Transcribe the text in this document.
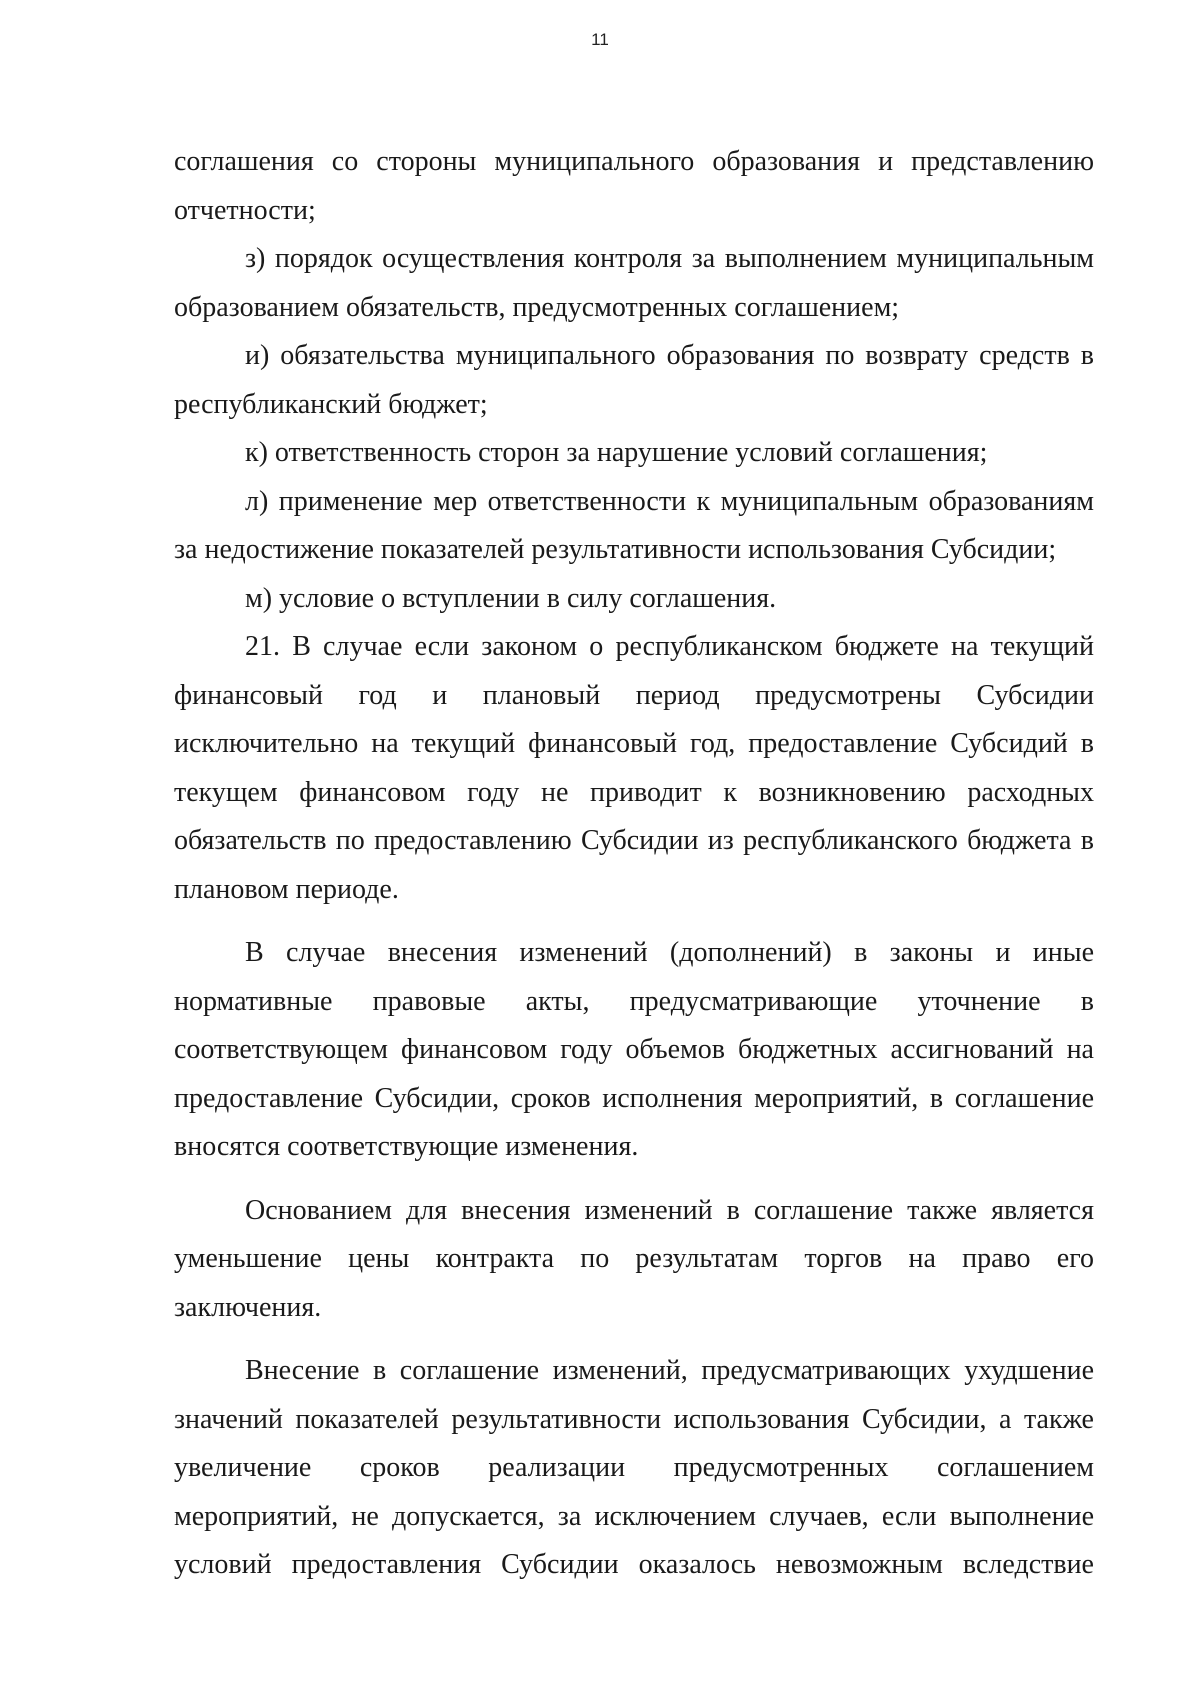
11

соглашения со стороны муниципального образования и представлению отчетности;

з) порядок осуществления контроля за выполнением муниципальным образованием обязательств, предусмотренных соглашением;

и) обязательства муниципального образования по возврату средств в республиканский бюджет;

к) ответственность сторон за нарушение условий соглашения;

л) применение мер ответственности к муниципальным образованиям за недостижение показателей результативности использования Субсидии;

м) условие о вступлении в силу соглашения.

21. В случае если законом о республиканском бюджете на текущий финансовый год и плановый период предусмотрены Субсидии исключительно на текущий финансовый год, предоставление Субсидий в текущем финансовом году не приводит к возникновению расходных обязательств по предоставлению Субсидии из республиканского бюджета в плановом периоде.

В случае внесения изменений (дополнений) в законы и иные нормативные правовые акты, предусматривающие уточнение в соответствующем финансовом году объемов бюджетных ассигнований на предоставление Субсидии, сроков исполнения мероприятий, в соглашение вносятся соответствующие изменения.

Основанием для внесения изменений в соглашение также является уменьшение цены контракта по результатам торгов на право его заключения.

Внесение в соглашение изменений, предусматривающих ухудшение значений показателей результативности использования Субсидии, а также увеличение сроков реализации предусмотренных соглашением мероприятий, не допускается, за исключением случаев, если выполнение условий предоставления Субсидии оказалось невозможным вследствие
